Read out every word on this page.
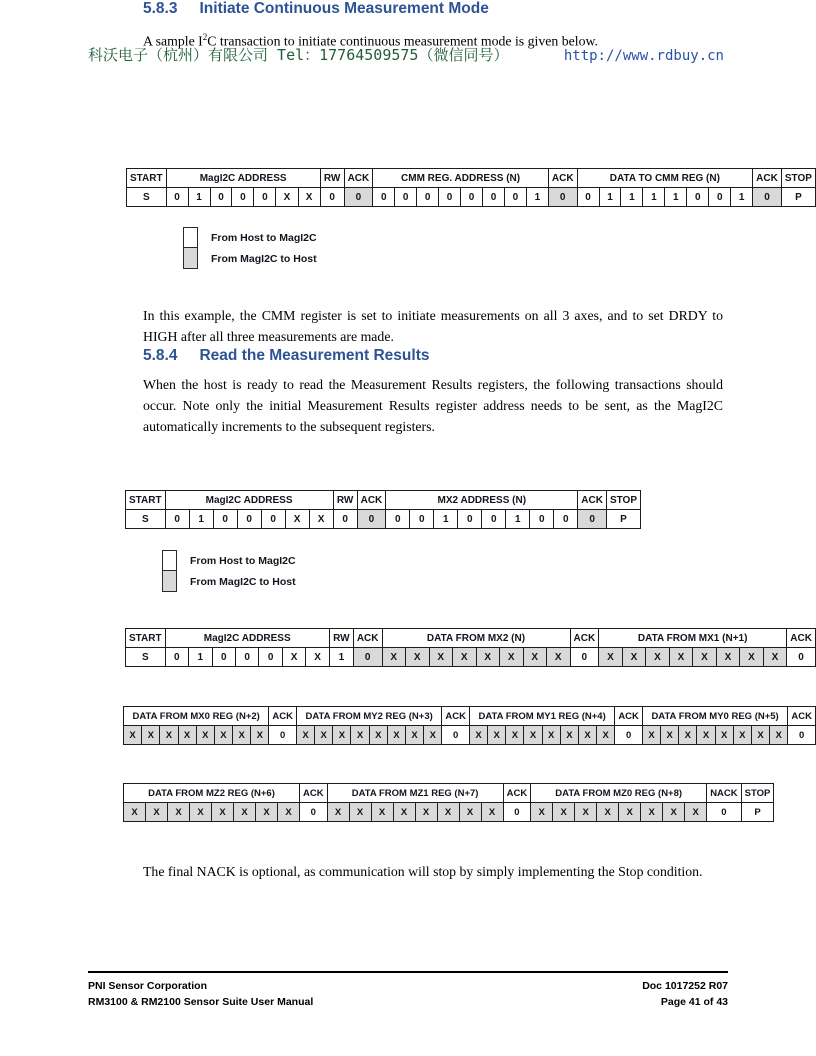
科沃电子（杭州）有限公司 Tel：17764509575（微信同号）	http://www.rdbuy.cn
5.8.3 Initiate Continuous Measurement Mode

A sample $I^2C$ transaction to initiate continuous measurement mode is given below.

START	MagI2C ADDRESS							RW	ACK	CMM REG. ADDRESS (N)								ACK	DATA TO CMM REG (N)								ACK	STOP
S	0	1	0	0	0	X	X	0	0	0	0	0	0	0	0	0	1	0	0	1	1	1	1	0	0	1	0	P
From Host to MagI2C
From MagI2C to Host

In this example, the CMM register is set to initiate measurements on all 3 axes, and to set DRDY to HIGH after all three measurements are made.

5.8.4 Read the Measurement Results

When the host is ready to read the Measurement Results registers, the following transactions should occur. Note only the initial Measurement Results register address needs to be sent, as the MagI2C automatically increments to the subsequent registers.

START	MagI2C ADDRESS							RW	ACK	MX2 ADDRESS (N)								ACK	STOP
S	0	1	0	0	0	X	X	0	0	0	0	1	0	0	1	0	0	0	P
From Host to MagI2C
From MagI2C to Host
START	MagI2C ADDRESS							RW	ACK	DATA FROM MX2 (N)								ACK	DATA FROM MX1 (N+1)								ACK
S	0	1	0	0	0	X	X	1	0	X	X	X	X	X	X	X	X	0	X	X	X	X	X	X	X	X	0
DATA FROM MX0 REG (N+2)								ACK	DATA FROM MY2 REG (N+3)								ACK	DATA FROM MY1 REG (N+4)								ACK	DATA FROM MY0 REG (N+5)								ACK
X	X	X	X	X	X	X	X	0	X	X	X	X	X	X	X	X	0	X	X	X	X	X	X	X	X	0	X	X	X	X	X	X	X	X	0
DATA FROM MZ2 REG (N+6)								ACK	DATA FROM MZ1 REG (N+7)								ACK	DATA FROM MZ0 REG (N+8)								NACK	STOP
X	X	X	X	X	X	X	X	0	X	X	X	X	X	X	X	X	0	X	X	X	X	X	X	X	X	0	P

The final NACK is optional, as communication will stop by simply implementing the Stop condition.

PNI Sensor Corporation
RM3100 & RM2100 Sensor Suite User Manual
Doc 1017252 R07
Page 41 of 43
